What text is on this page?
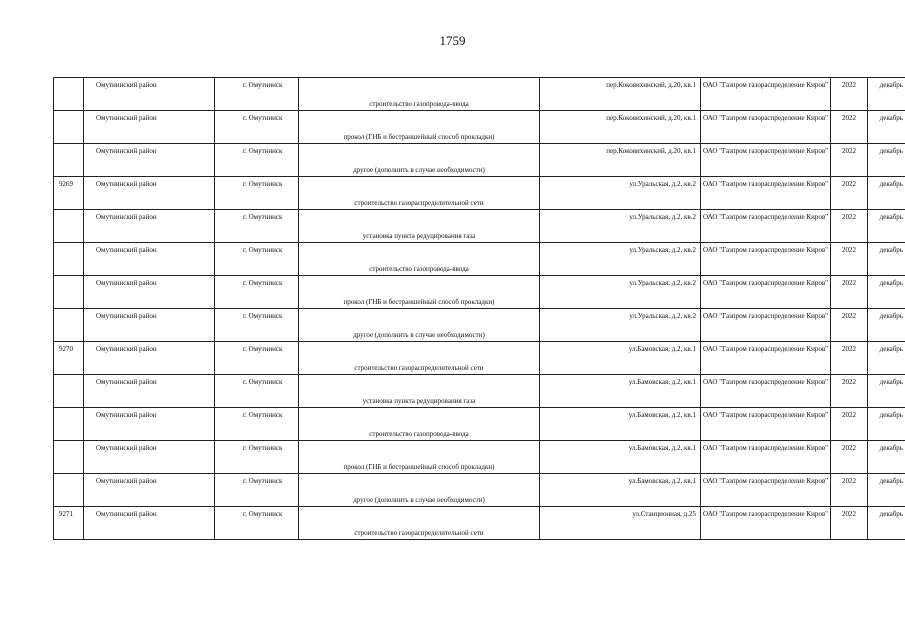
1759

	Омутнинский район	г. Омутнинск	строительство газопровода-ввода	пер.Коковихинский, д.20, кв.1	ОАО "Газпром газораспределение Киров"	2022	декабрь

	Омутнинский район	г. Омутнинск	прокол (ГНБ и бестраншейный способ прокладки)	пер.Коковихинский, д.20, кв.1	ОАО "Газпром газораспределение Киров"	2022	декабрь

	Омутнинский район	г. Омутнинск	другое (дополнить в случае необходимости)	пер.Коковихинский, д.20, кв.1	ОАО "Газпром газораспределение Киров"	2022	декабрь

9269	Омутнинский район	г. Омутнинск	строительство газораспределительной сети	ул.Уральская, д.2, кв.2	ОАО "Газпром газораспределение Киров"	2022	декабрь

	Омутнинский район	г. Омутнинск	установка пункта редуцирования газа	ул.Уральская, д.2, кв.2	ОАО "Газпром газораспределение Киров"	2022	декабрь

	Омутнинский район	г. Омутнинск	строительство газопровода-ввода	ул.Уральская, д.2, кв.2	ОАО "Газпром газораспределение Киров"	2022	декабрь

	Омутнинский район	г. Омутнинск	прокол (ГНБ и бестраншейный способ прокладки)	ул.Уральская, д.2, кв.2	ОАО "Газпром газораспределение Киров"	2022	декабрь

	Омутнинский район	г. Омутнинск	другое (дополнить в случае необходимости)	ул.Уральская, д.2, кв.2	ОАО "Газпром газораспределение Киров"	2022	декабрь

9270	Омутнинский район	г. Омутнинск	строительство газораспределительной сети	ул.Бамовская, д.2, кв.1	ОАО "Газпром газораспределение Киров"	2022	декабрь

	Омутнинский район	г. Омутнинск	установка пункта редуцирования газа	ул.Бамовская, д.2, кв.1	ОАО "Газпром газораспределение Киров"	2022	декабрь

	Омутнинский район	г. Омутнинск	строительство газопровода-ввода	ул.Бамовская, д.2, кв.1	ОАО "Газпром газораспределение Киров"	2022	декабрь

	Омутнинский район	г. Омутнинск	прокол (ГНБ и бестраншейный способ прокладки)	ул.Бамовская, д.2, кв.1	ОАО "Газпром газораспределение Киров"	2022	декабрь

	Омутнинский район	г. Омутнинск	другое (дополнить в случае необходимости)	ул.Бамовская, д.2, кв.1	ОАО "Газпром газораспределение Киров"	2022	декабрь

9271	Омутнинский район	г. Омутнинск	строительство газораспределительной сети	ул.Станционная, д.25	ОАО "Газпром газораспределение Киров"	2022	декабрь
